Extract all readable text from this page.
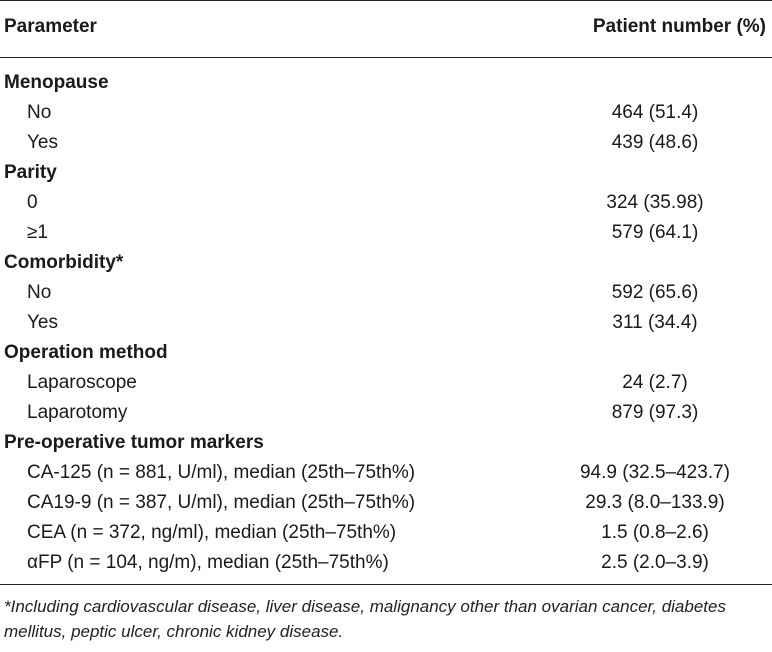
Parameter	Patient number (%)
Menopause
No	464 (51.4)
Yes	439 (48.6)
Parity
0	324 (35.98)
≥1	579 (64.1)
Comorbidity*
No	592 (65.6)
Yes	311 (34.4)
Operation method
Laparoscope	24 (2.7)
Laparotomy	879 (97.3)
Pre-operative tumor markers
CA-125 (n = 881, U/ml), median (25th–75th%)	94.9 (32.5–423.7)
CA19-9 (n = 387, U/ml), median (25th–75th%)	29.3 (8.0–133.9)
CEA (n = 372, ng/ml), median (25th–75th%)	1.5 (0.8–2.6)
αFP (n = 104, ng/m), median (25th–75th%)	2.5 (2.0–3.9)
*Including cardiovascular disease, liver disease, malignancy other than ovarian cancer, diabetes mellitus, peptic ulcer, chronic kidney disease.
